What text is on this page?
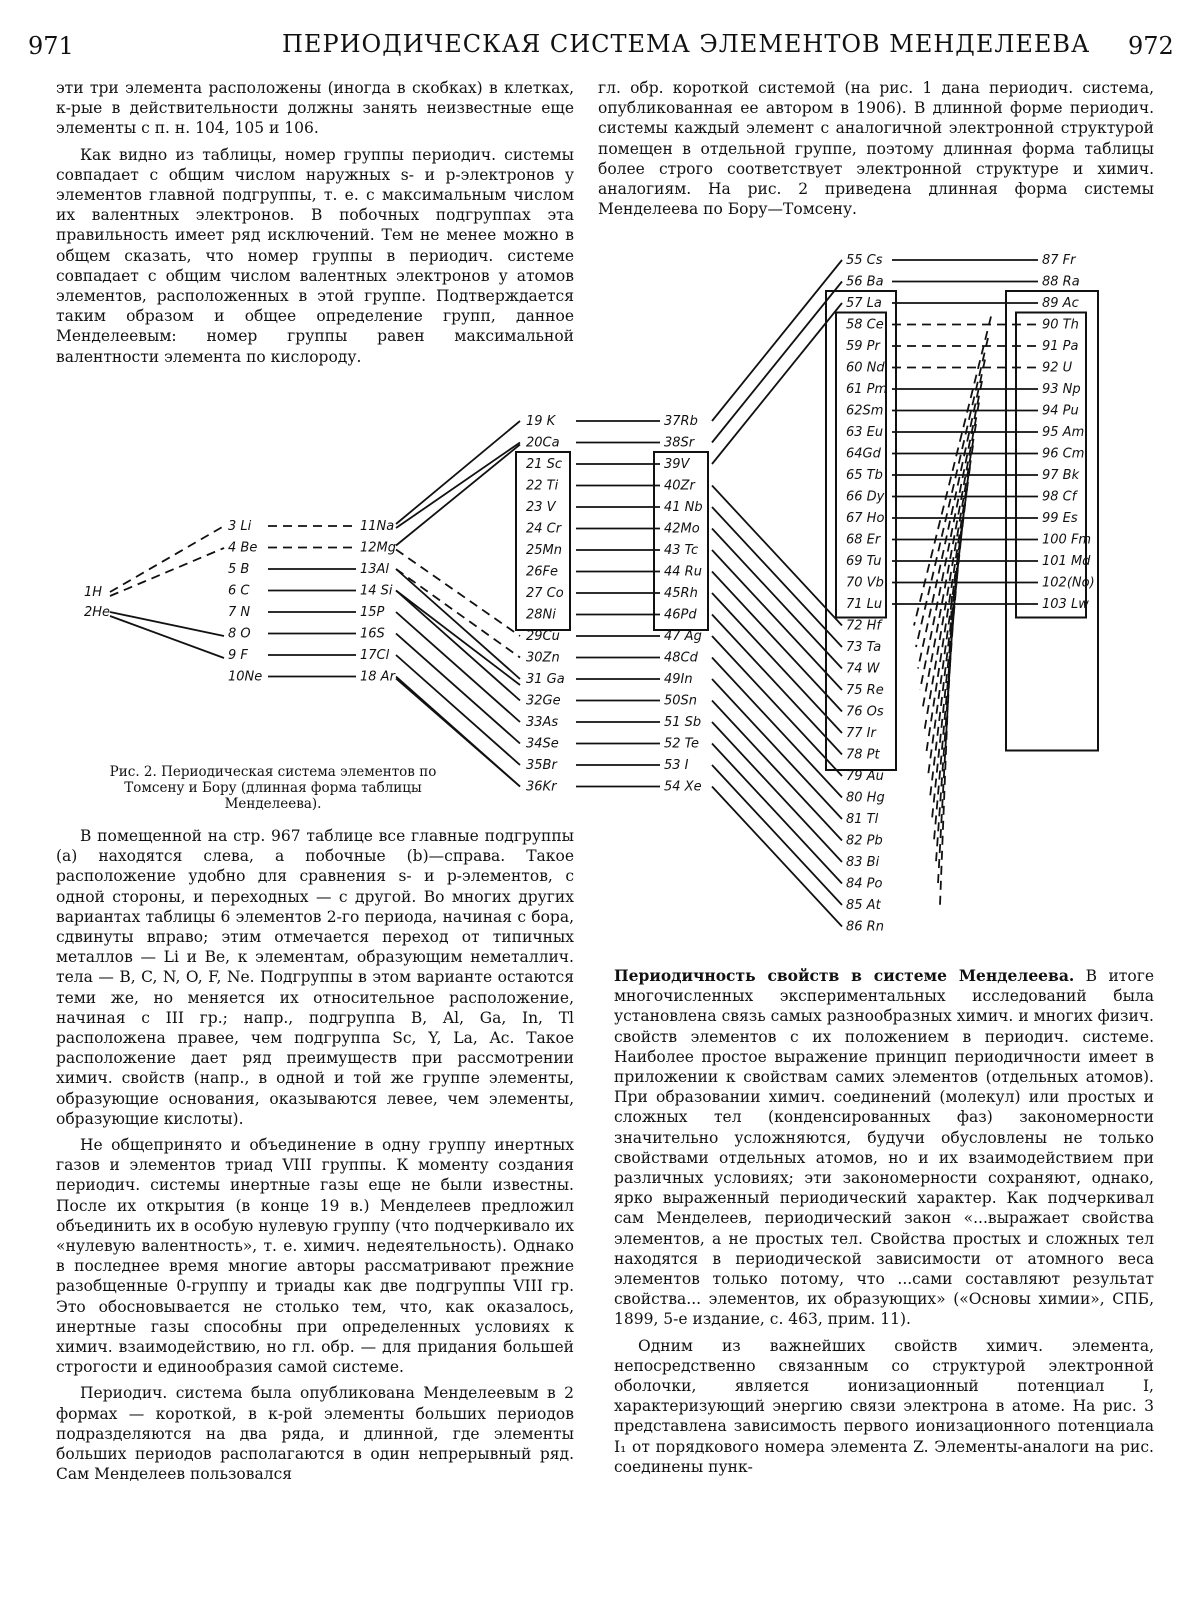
971	ПЕРИОДИЧЕСКАЯ СИСТЕМА ЭЛЕМЕНТОВ МЕНДЕЛЕЕВА 972

эти три элемента расположены (иногда в скобках) в клетках, к-рые в действительности должны занять неизвестные еще элементы с п. н. 104, 105 и 106.

Как видно из таблицы, номер группы периодич. системы совпадает с общим числом наружных s- и p-электронов у элементов главной подгруппы, т. е. с максимальным числом их валентных электронов. В побочных подгруппах эта правильность имеет ряд исключений. Тем не менее можно в общем сказать, что номер группы в периодич. системе совпадает с общим числом валентных электронов у атомов элементов, расположенных в этой группе. Подтверждается таким образом и общее определение групп, данное Менделеевым: номер группы равен максимальной валентности элемента по кислороду.

гл. обр. короткой системой (на рис. 1 дана периодич. система, опубликованная ее автором в 1906). В длинной форме периодич. системы каждый элемент с аналогичной электронной структурой помещен в отдельной группе, поэтому длинная форма таблицы более строго соответствует электронной структуре и химич. аналогиям. На рис. 2 приведена длинная форма системы Менделеева по Бору—Томсену.

1H
2He
3 Li
4 Be
5 B
6 C
7 N
8 O
9 F
10Ne
11Na
12Mg
13Al
14 Si
15P
16S
17Cl
18 Ar
19 K
20Ca
21 Sc
22 Ti
23 V
24 Cr
25Mn
26Fe
27 Co
28Ni
29Cu
30Zn
31 Ga
32Ge
33As
34Se
35Br
36Kr
37Rb
38Sr
39V
40Zr
41 Nb
42Mo
43 Tc
44 Ru
45Rh
46Pd
47 Ag
48Cd
49In
50Sn
51 Sb
52 Te
53 I
54 Xe
55 Cs
56 Ba
57 La
58 Ce
59 Pr
60 Nd
61 Pm
62Sm
63 Eu
64Gd
65 Tb
66 Dy
67 Ho
68 Er
69 Tu
70 Vb
71 Lu
72 Hf
73 Ta
74 W
75 Re
76 Os
77 Ir
78 Pt
79 Au
80 Hg
81 Tl
82 Pb
83 Bi
84 Po
85 At
86 Rn
87 Fr
88 Ra
89 Ac
90 Th
91 Pa
92 U
93 Np
94 Pu
95 Am
96 Cm
97 Bk
98 Cf
99 Es
100 Fm
101 Md
102(No)
103 Lw
Рис. 2. Периодическая система элементов по Томсену и Бору (длинная форма таблицы Менделеева).

В помещенной на стр. 967 таблице все главные подгруппы (a) находятся слева, а побочные (b)—справа. Такое расположение удобно для сравнения s- и p-элементов, с одной стороны, и переходных — с другой. Во многих других вариантах таблицы 6 элементов 2-го периода, начиная с бора, сдвинуты вправо; этим отмечается переход от типичных металлов — Li и Be, к элементам, образующим неметаллич. тела — B, C, N, O, F, Ne. Подгруппы в этом варианте остаются теми же, но меняется их относительное расположение, начиная с III гр.; напр., подгруппа B, Al, Ga, In, Tl расположена правее, чем подгруппа Sc, Y, La, Ac. Такое расположение дает ряд преимуществ при рассмотрении химич. свойств (напр., в одной и той же группе элементы, образующие основания, оказываются левее, чем элементы, образующие кислоты).

Не общепринято и объединение в одну группу инертных газов и элементов триад VIII группы. К моменту создания периодич. системы инертные газы еще не были известны. После их открытия (в конце 19 в.) Менделеев предложил объединить их в особую нулевую группу (что подчеркивало их «нулевую валентность», т. е. химич. недеятельность). Однако в последнее время многие авторы рассматривают прежние разобщенные 0-группу и триады как две подгруппы VIII гр. Это обосновывается не столько тем, что, как оказалось, инертные газы способны при определенных условиях к химич. взаимодействию, но гл. обр. — для придания большей строгости и единообразия самой системе.

Периодич. система была опубликована Менделеевым в 2 формах — короткой, в к-рой элементы больших периодов подразделяются на два ряда, и длинной, где элементы больших периодов располагаются в один непрерывный ряд. Сам Менделеев пользовался

Периодичность свойств в системе Менделеева. В итоге многочисленных экспериментальных исследований была установлена связь самых разнообразных химич. и многих физич. свойств элементов с их положением в периодич. системе. Наиболее простое выражение принцип периодичности имеет в приложении к свойствам самих элементов (отдельных атомов). При образовании химич. соединений (молекул) или простых и сложных тел (конденсированных фаз) закономерности значительно усложняются, будучи обусловлены не только свойствами отдельных атомов, но и их взаимодействием при различных условиях; эти закономерности сохраняют, однако, ярко выраженный периодический характер. Как подчеркивал сам Менделеев, периодический закон «...выражает свойства элементов, а не простых тел. Свойства простых и сложных тел находятся в периодической зависимости от атомного веса элементов только потому, что ...сами составляют результат свойства... элементов, их образующих» («Основы химии», СПБ, 1899, 5-е издание, с. 463, прим. 11).

Одним из важнейших свойств химич. элемента, непосредственно связанным со структурой электронной оболочки, является ионизационный потенциал I, характеризующий энергию связи электрона в атоме. На рис. 3 представлена зависимость первого ионизационного потенциала I₁ от порядкового номера элемента Z. Элементы-аналоги на рис. соединены пунк-
